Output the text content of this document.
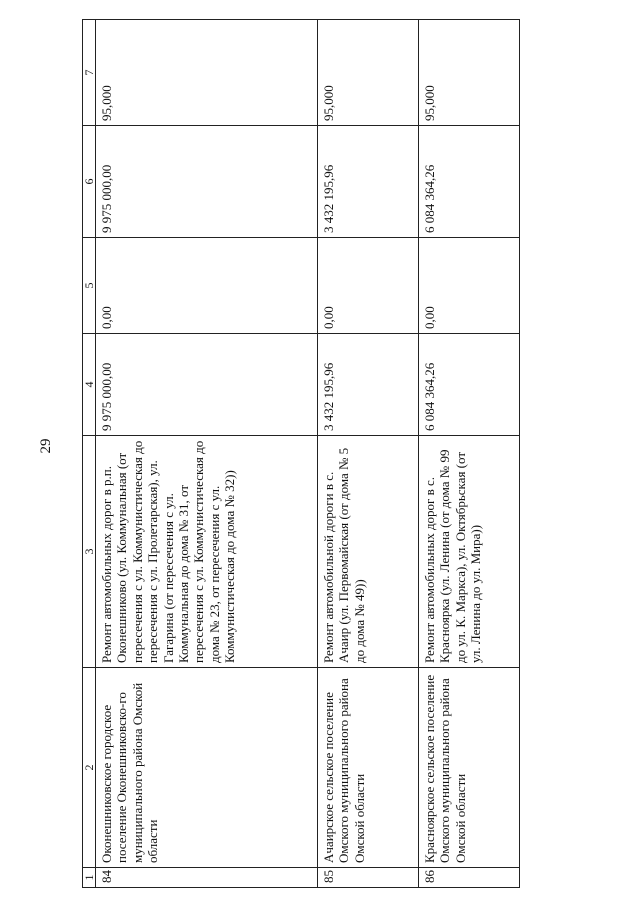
29
1	2	3	4	5	6	7
84	Оконешниковское городское поселение Оконешниковско-го муниципального района Омской области	Ремонт автомобильных дорог в р.п. Оконешниково (ул. Коммунальная (от пересечения с ул. Коммунистическая до пересечения с ул. Пролетарская), ул. Гагарина (от пересечения с ул. Коммунальная до дома № 31, от пересечения с ул. Коммунистическая до дома № 23, от пересечения с ул. Коммунистическая до дома № 32))	9 975 000,00	0,00	9 975 000,00	95,000
85	Ачаирское сельское поселение Омского муниципального района Омской области	Ремонт автомобильной дороги в с. Ачаир (ул. Первомайская (от дома № 5 до дома № 49))	3 432 195,96	0,00	3 432 195,96	95,000
86	Красноярское сельское поселение Омского муниципального района Омской области	Ремонт автомобильных дорог в с. Красноярка (ул. Ленина (от дома № 99 до ул. К. Маркса), ул. Октябрьская (от ул. Ленина до ул. Мира))	6 084 364,26	0,00	6 084 364,26	95,000
